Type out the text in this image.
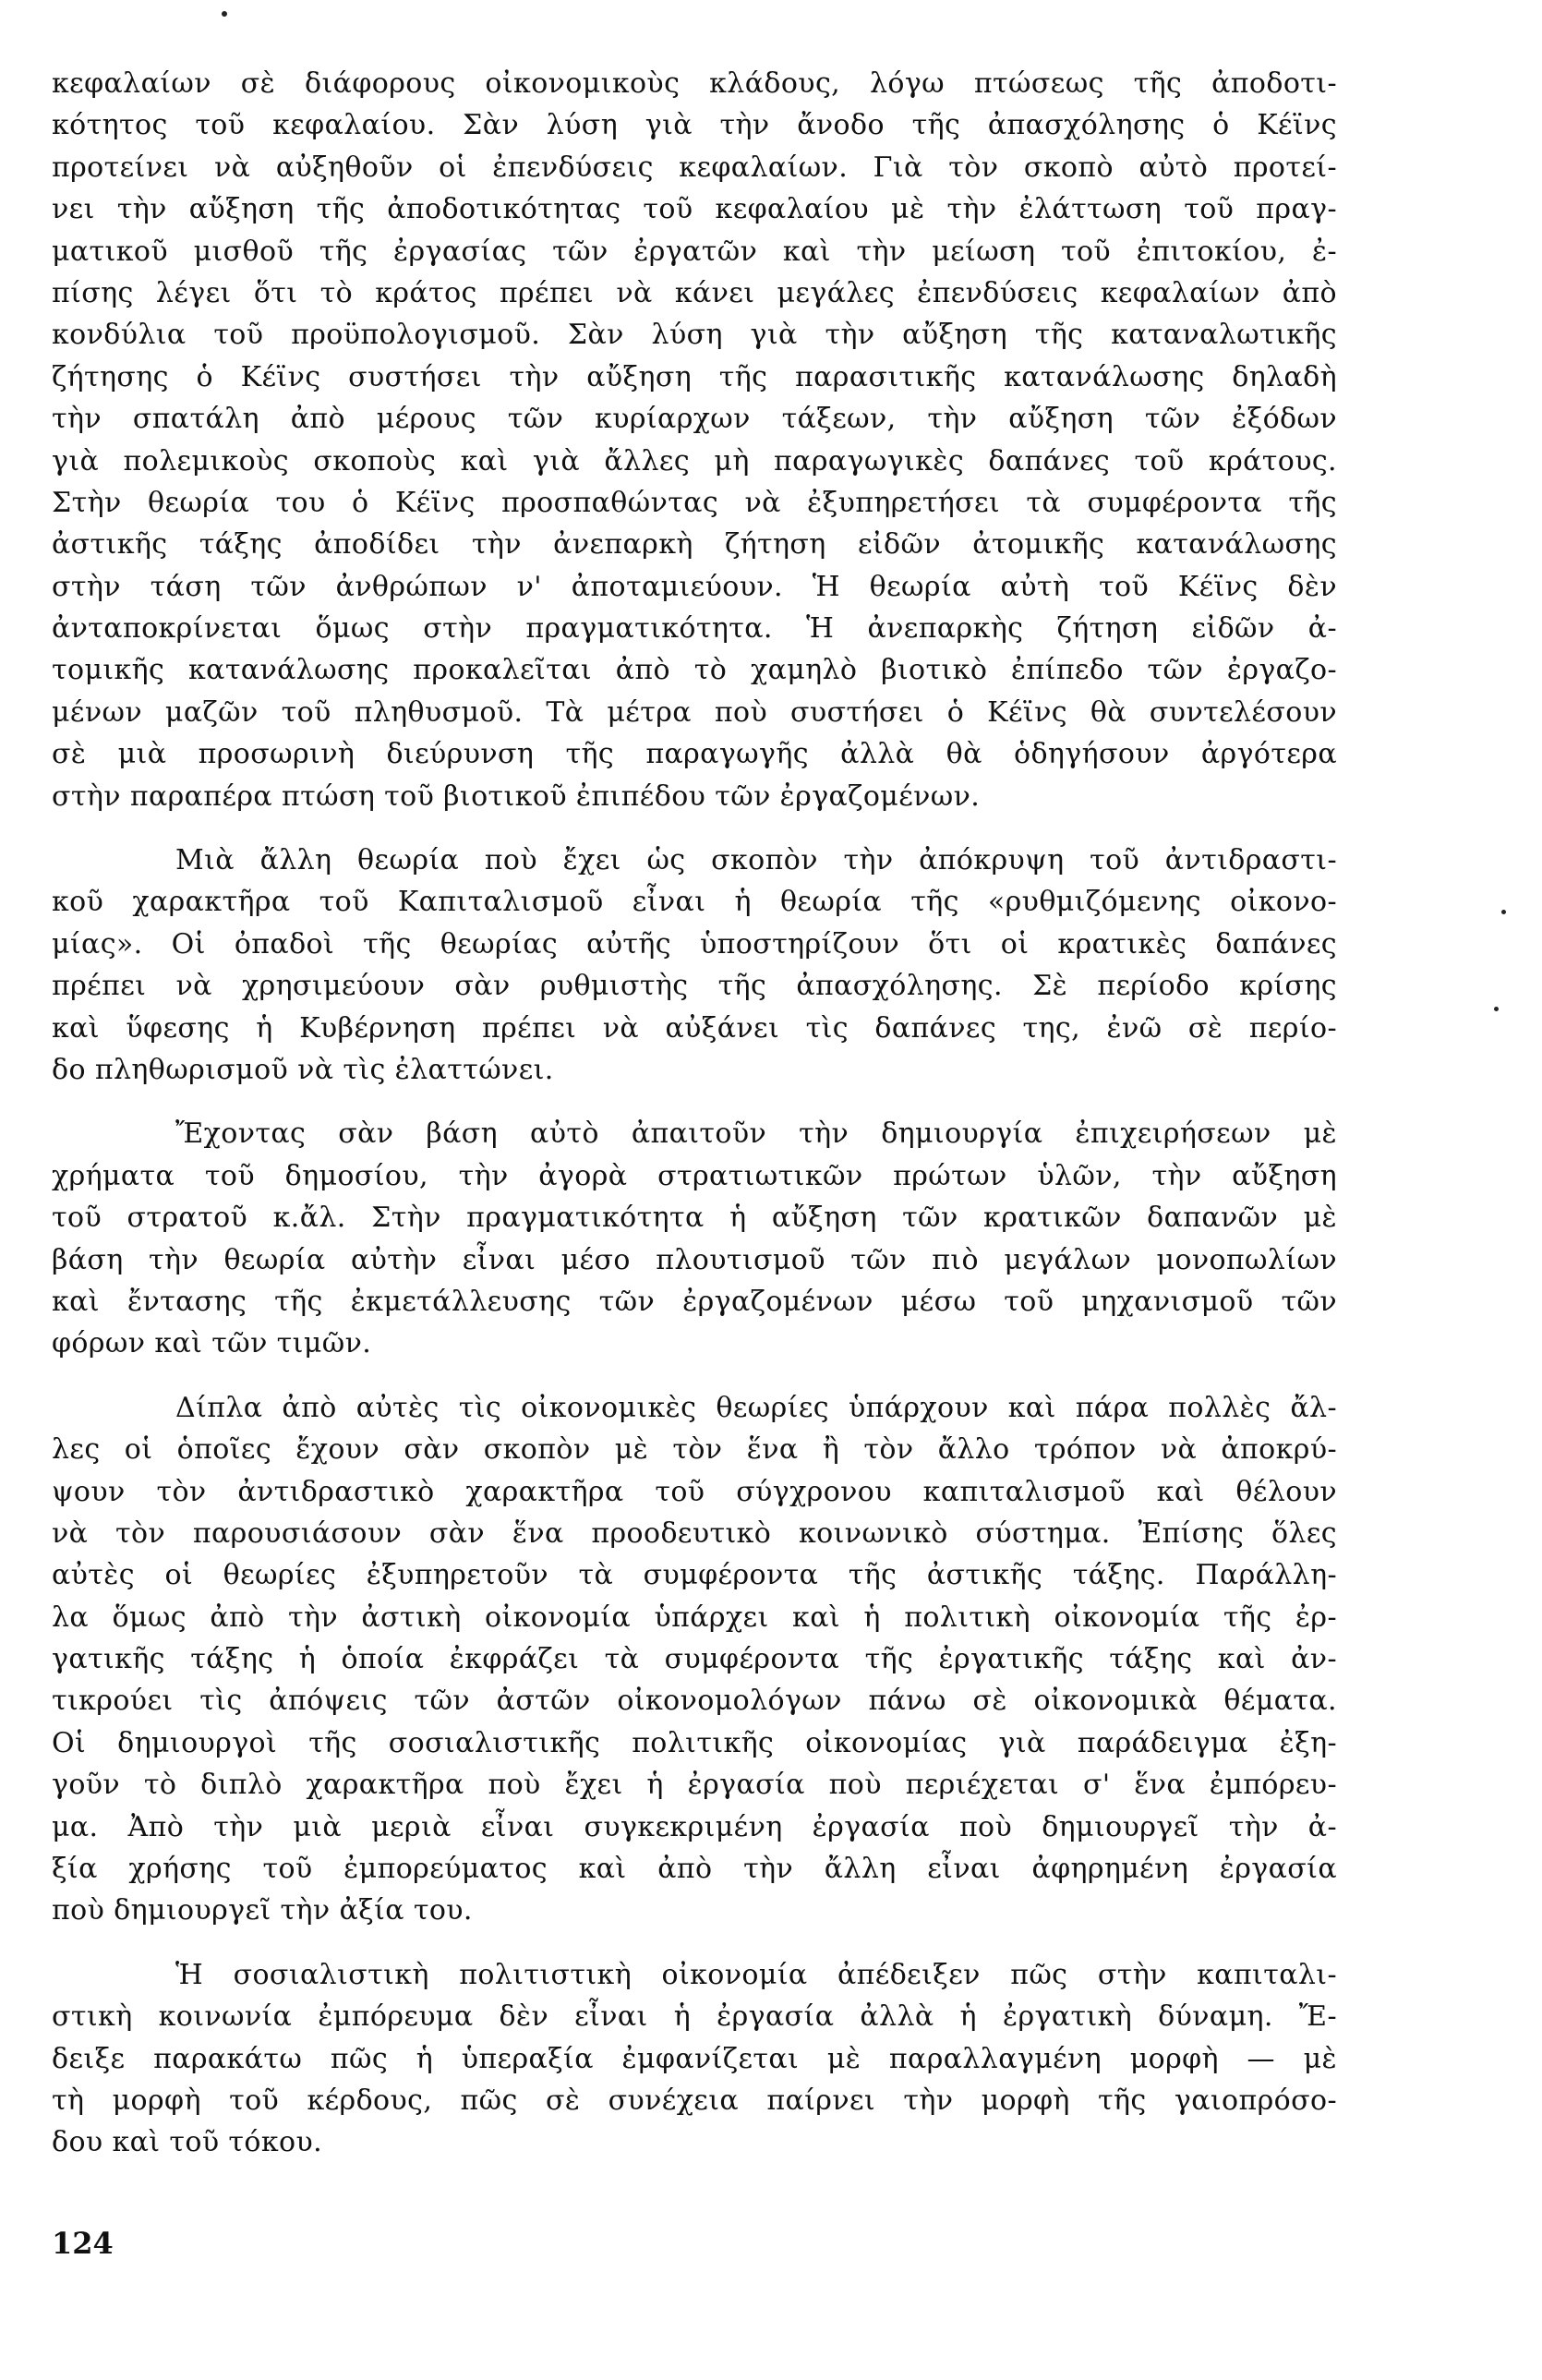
κεφαλαίων σὲ διάφορους οἰκονομικοὺς κλάδους, λόγω πτώσεως τῆς ἀποδοτι-
κότητος τοῦ κεφαλαίου. Σὰν λύση γιὰ τὴν ἄνοδο τῆς ἀπασχόλησης ὁ Κέϊνς
προτείνει νὰ αὐξηθοῦν οἱ ἐπενδύσεις κεφαλαίων. Γιὰ τὸν σκοπὸ αὐτὸ προτεί-
νει τὴν αὔξηση τῆς ἀποδοτικότητας τοῦ κεφαλαίου μὲ τὴν ἐλάττωση τοῦ πραγ-
ματικοῦ μισθοῦ τῆς ἐργασίας τῶν ἐργατῶν καὶ τὴν μείωση τοῦ ἐπιτοκίου, ἐ-
πίσης λέγει ὅτι τὸ κράτος πρέπει νὰ κάνει μεγάλες ἐπενδύσεις κεφαλαίων ἀπὸ
κονδύλια τοῦ προϋπολογισμοῦ. Σὰν λύση γιὰ τὴν αὔξηση τῆς καταναλωτικῆς
ζήτησης ὁ Κέϊνς συστήσει τὴν αὔξηση τῆς παρασιτικῆς κατανάλωσης δηλαδὴ
τὴν σπατάλη ἀπὸ μέρους τῶν κυρίαρχων τάξεων, τὴν αὔξηση τῶν ἐξόδων
γιὰ πολεμικοὺς σκοποὺς καὶ γιὰ ἄλλες μὴ παραγωγικὲς δαπάνες τοῦ κράτους.
Στὴν θεωρία του ὁ Κέϊνς προσπαθώντας νὰ ἐξυπηρετήσει τὰ συμφέροντα τῆς
ἀστικῆς τάξης ἀποδίδει τὴν ἀνεπαρκὴ ζήτηση εἰδῶν ἀτομικῆς κατανάλωσης
στὴν τάση τῶν ἀνθρώπων ν' ἀποταμιεύουν. Ἡ θεωρία αὐτὴ τοῦ Κέϊνς δὲν
ἀνταποκρίνεται ὅμως στὴν πραγματικότητα. Ἡ ἀνεπαρκὴς ζήτηση εἰδῶν ἀ-
τομικῆς κατανάλωσης προκαλεῖται ἀπὸ τὸ χαμηλὸ βιοτικὸ ἐπίπεδο τῶν ἐργαζο-
μένων μαζῶν τοῦ πληθυσμοῦ. Τὰ μέτρα ποὺ συστήσει ὁ Κέϊνς θὰ συντελέσουν
σὲ μιὰ προσωρινὴ διεύρυνση τῆς παραγωγῆς ἀλλὰ θὰ ὁδηγήσουν ἀργότερα
στὴν παραπέρα πτώση τοῦ βιοτικοῦ ἐπιπέδου τῶν ἐργαζομένων.
Μιὰ ἄλλη θεωρία ποὺ ἔχει ὡς σκοπὸν τὴν ἀπόκρυψη τοῦ ἀντιδραστι-
κοῦ χαρακτῆρα τοῦ Καπιταλισμοῦ εἶναι ἡ θεωρία τῆς «ρυθμιζόμενης οἰκονο-
μίας». Οἱ ὀπαδοὶ τῆς θεωρίας αὐτῆς ὑποστηρίζουν ὅτι οἱ κρατικὲς δαπάνες
πρέπει νὰ χρησιμεύουν σὰν ρυθμιστὴς τῆς ἀπασχόλησης. Σὲ περίοδο κρίσης
καὶ ὕφεσης ἡ Κυβέρνηση πρέπει νὰ αὐξάνει τὶς δαπάνες της, ἐνῶ σὲ περίο-
δο πληθωρισμοῦ νὰ τὶς ἐλαττώνει.
Ἔχοντας σὰν βάση αὐτὸ ἀπαιτοῦν τὴν δημιουργία ἐπιχειρήσεων μὲ
χρήματα τοῦ δημοσίου, τὴν ἀγορὰ στρατιωτικῶν πρώτων ὑλῶν, τὴν αὔξηση
τοῦ στρατοῦ κ.ἄλ. Στὴν πραγματικότητα ἡ αὔξηση τῶν κρατικῶν δαπανῶν μὲ
βάση τὴν θεωρία αὐτὴν εἶναι μέσο πλουτισμοῦ τῶν πιὸ μεγάλων μονοπωλίων
καὶ ἔντασης τῆς ἐκμετάλλευσης τῶν ἐργαζομένων μέσω τοῦ μηχανισμοῦ τῶν
φόρων καὶ τῶν τιμῶν.
Δίπλα ἀπὸ αὐτὲς τὶς οἰκονομικὲς θεωρίες ὑπάρχουν καὶ πάρα πολλὲς ἄλ-
λες οἱ ὁποῖες ἔχουν σὰν σκοπὸν μὲ τὸν ἕνα ἢ τὸν ἄλλο τρόπον νὰ ἀποκρύ-
ψουν τὸν ἀντιδραστικὸ χαρακτῆρα τοῦ σύγχρονου καπιταλισμοῦ καὶ θέλουν
νὰ τὸν παρουσιάσουν σὰν ἕνα προοδευτικὸ κοινωνικὸ σύστημα. Ἐπίσης ὅλες
αὐτὲς οἱ θεωρίες ἐξυπηρετοῦν τὰ συμφέροντα τῆς ἀστικῆς τάξης. Παράλλη-
λα ὅμως ἀπὸ τὴν ἀστικὴ οἰκονομία ὑπάρχει καὶ ἡ πολιτικὴ οἰκονομία τῆς ἐρ-
γατικῆς τάξης ἡ ὁποία ἐκφράζει τὰ συμφέροντα τῆς ἐργατικῆς τάξης καὶ ἀν-
τικρούει τὶς ἀπόψεις τῶν ἀστῶν οἰκονομολόγων πάνω σὲ οἰκονομικὰ θέματα.
Οἱ δημιουργοὶ τῆς σοσιαλιστικῆς πολιτικῆς οἰκονομίας γιὰ παράδειγμα ἐξη-
γοῦν τὸ διπλὸ χαρακτῆρα ποὺ ἔχει ἡ ἐργασία ποὺ περιέχεται σ' ἕνα ἐμπόρευ-
μα. Ἀπὸ τὴν μιὰ μεριὰ εἶναι συγκεκριμένη ἐργασία ποὺ δημιουργεῖ τὴν ἀ-
ξία χρήσης τοῦ ἐμπορεύματος καὶ ἀπὸ τὴν ἄλλη εἶναι ἀφηρημένη ἐργασία
ποὺ δημιουργεῖ τὴν ἀξία του.
Ἡ σοσιαλιστικὴ πολιτιστικὴ οἰκονομία ἀπέδειξεν πῶς στὴν καπιταλι-
στικὴ κοινωνία ἐμπόρευμα δὲν εἶναι ἡ ἐργασία ἀλλὰ ἡ ἐργατικὴ δύναμη. Ἔ-
δειξε παρακάτω πῶς ἡ ὑπεραξία ἐμφανίζεται μὲ παραλλαγμένη μορφὴ — μὲ
τὴ μορφὴ τοῦ κέρδους, πῶς σὲ συνέχεια παίρνει τὴν μορφὴ τῆς γαιοπρόσο-
δου καὶ τοῦ τόκου.
124
